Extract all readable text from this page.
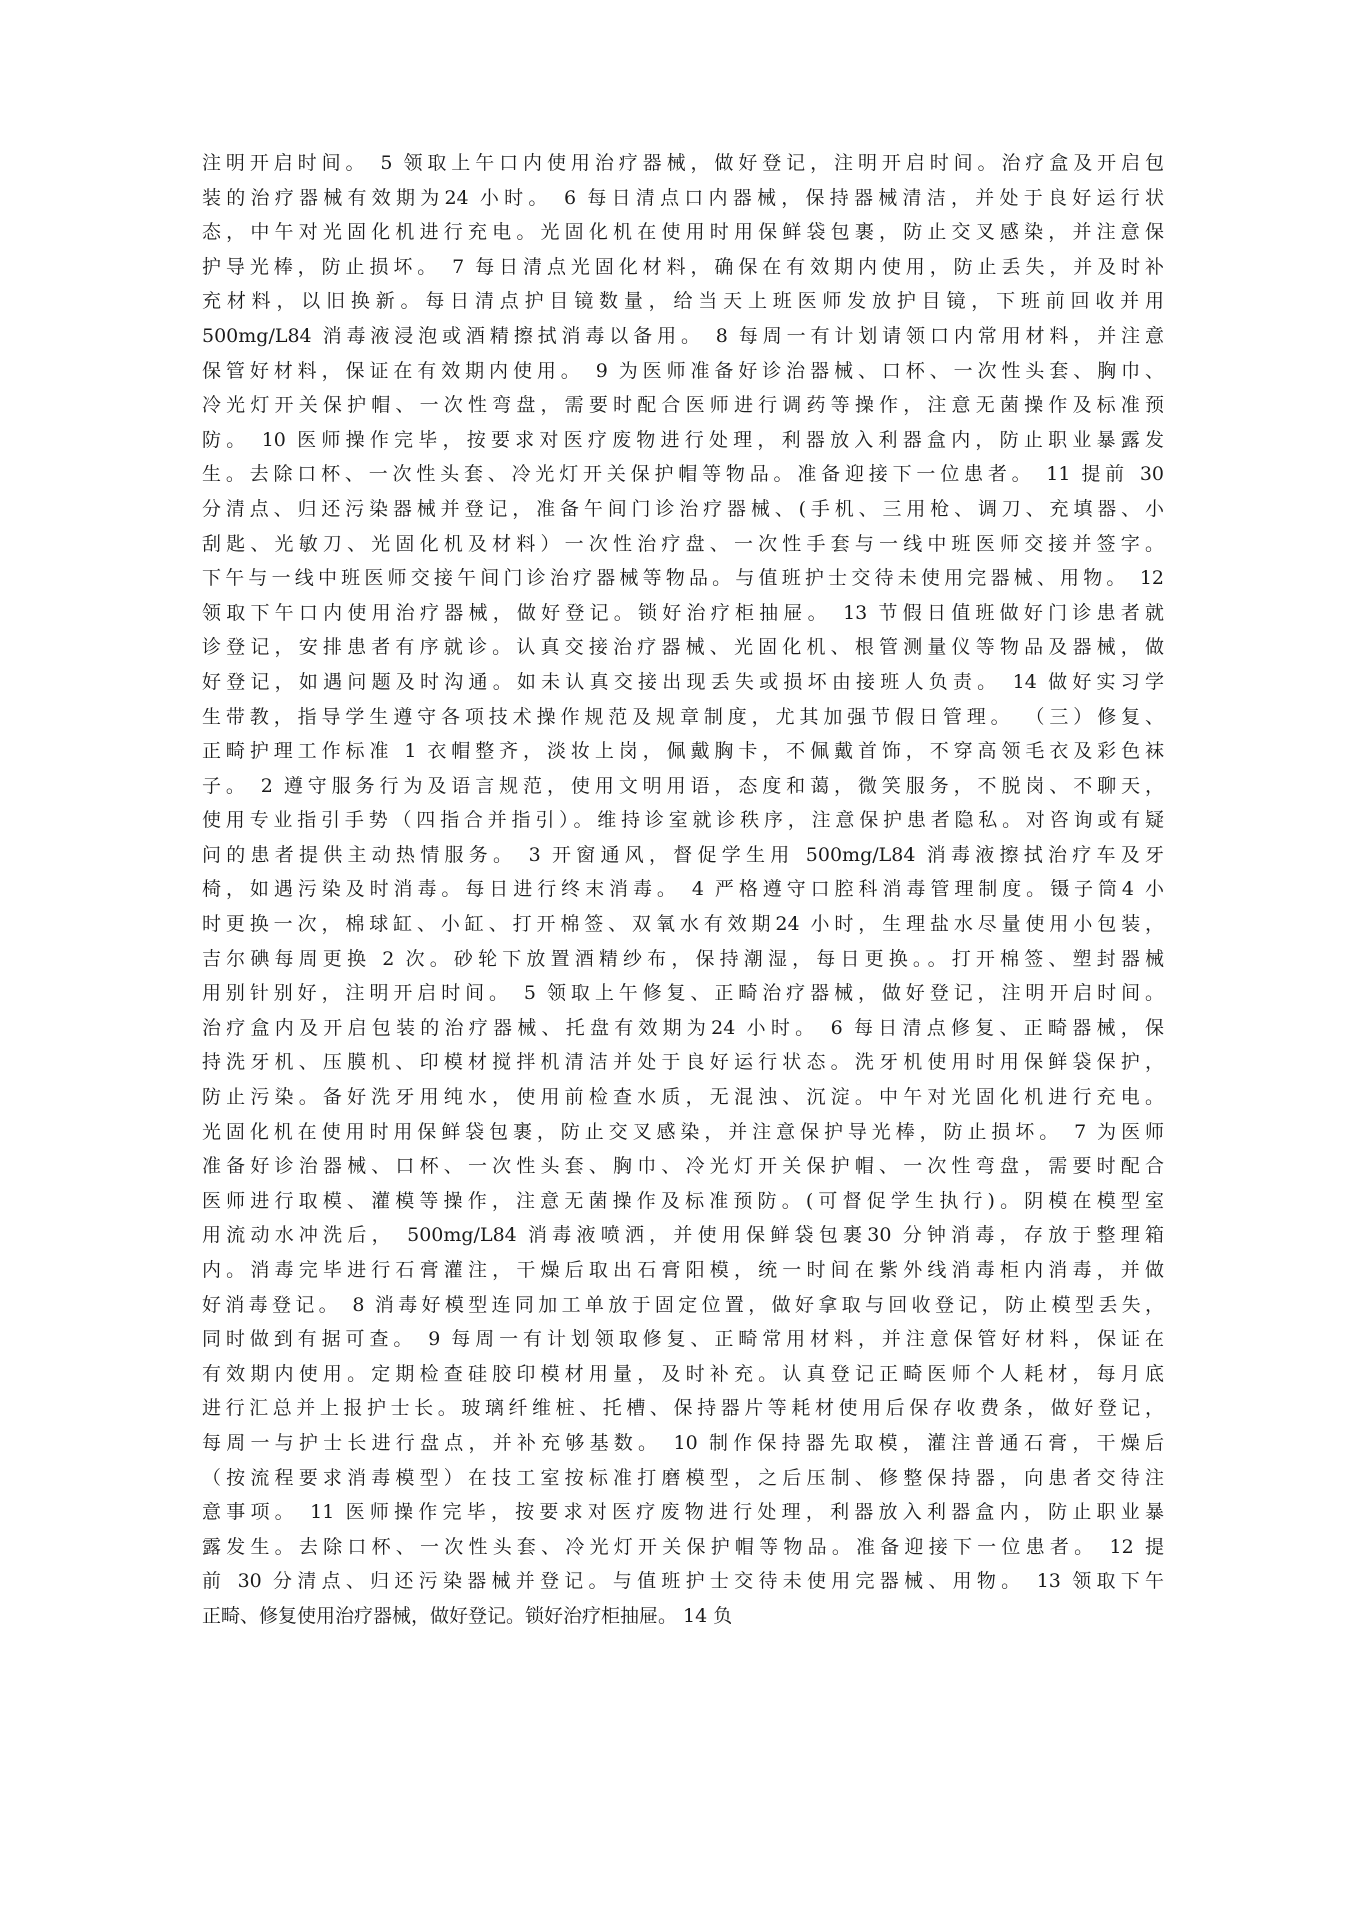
注明开启时间。 5 领取上午口内使用治疗器械，做好登记，注明开启时间。治疗盒及开启包
装的治疗器械有效期为24 小时。 6 每日清点口内器械，保持器械清洁，并处于良好运行状
态，中午对光固化机进行充电。光固化机在使用时用保鲜袋包裹，防止交叉感染，并注意保
护导光棒，防止损坏。 7 每日清点光固化材料，确保在有效期内使用，防止丢失，并及时补
充材料，以旧换新。每日清点护目镜数量，给当天上班医师发放护目镜，下班前回收并用
500mg/L84 消毒液浸泡或酒精擦拭消毒以备用。 8 每周一有计划请领口内常用材料，并注意
保管好材料，保证在有效期内使用。 9 为医师准备好诊治器械、口杯、一次性头套、胸巾、
冷光灯开关保护帽、一次性弯盘，需要时配合医师进行调药等操作，注意无菌操作及标准预
防。 10 医师操作完毕，按要求对医疗废物进行处理，利器放入利器盒内，防止职业暴露发
生。去除口杯、一次性头套、冷光灯开关保护帽等物品。准备迎接下一位患者。 11 提前 30
分清点、归还污染器械并登记，准备午间门诊治疗器械、(手机、三用枪、调刀、充填器、小
刮匙、光敏刀、光固化机及材料）一次性治疗盘、一次性手套与一线中班医师交接并签字。
下午与一线中班医师交接午间门诊治疗器械等物品。与值班护士交待未使用完器械、用物。 12
领取下午口内使用治疗器械，做好登记。锁好治疗柜抽屉。 13 节假日值班做好门诊患者就
诊登记，安排患者有序就诊。认真交接治疗器械、光固化机、根管测量仪等物品及器械，做
好登记，如遇问题及时沟通。如未认真交接出现丢失或损坏由接班人负责。 14 做好实习学
生带教，指导学生遵守各项技术操作规范及规章制度，尤其加强节假日管理。 （三）修复、
正畸护理工作标准 1 衣帽整齐，淡妆上岗，佩戴胸卡，不佩戴首饰，不穿高领毛衣及彩色袜
子。 2 遵守服务行为及语言规范，使用文明用语，态度和蔼，微笑服务，不脱岗、不聊天，
使用专业指引手势（四指合并指引）。维持诊室就诊秩序，注意保护患者隐私。对咨询或有疑
问的患者提供主动热情服务。 3 开窗通风，督促学生用 500mg/L84 消毒液擦拭治疗车及牙
椅，如遇污染及时消毒。每日进行终末消毒。 4 严格遵守口腔科消毒管理制度。镊子筒4 小
时更换一次，棉球缸、小缸、打开棉签、双氧水有效期24 小时，生理盐水尽量使用小包装，
吉尔碘每周更换 2 次。砂轮下放置酒精纱布，保持潮湿，每日更换。。打开棉签、塑封器械
用别针别好，注明开启时间。 5 领取上午修复、正畸治疗器械，做好登记，注明开启时间。
治疗盒内及开启包装的治疗器械、托盘有效期为24 小时。 6 每日清点修复、正畸器械，保
持洗牙机、压膜机、印模材搅拌机清洁并处于良好运行状态。洗牙机使用时用保鲜袋保护，
防止污染。备好洗牙用纯水，使用前检查水质，无混浊、沉淀。中午对光固化机进行充电。
光固化机在使用时用保鲜袋包裹，防止交叉感染，并注意保护导光棒，防止损坏。 7 为医师
准备好诊治器械、口杯、一次性头套、胸巾、冷光灯开关保护帽、一次性弯盘，需要时配合
医师进行取模、灌模等操作，注意无菌操作及标准预防。(可督促学生执行)。阴模在模型室
用流动水冲洗后， 500mg/L84 消毒液喷洒，并使用保鲜袋包裹30 分钟消毒，存放于整理箱
内。消毒完毕进行石膏灌注，干燥后取出石膏阳模，统一时间在紫外线消毒柜内消毒，并做
好消毒登记。 8 消毒好模型连同加工单放于固定位置，做好拿取与回收登记，防止模型丢失，
同时做到有据可查。 9 每周一有计划领取修复、正畸常用材料，并注意保管好材料，保证在
有效期内使用。定期检查硅胶印模材用量，及时补充。认真登记正畸医师个人耗材，每月底
进行汇总并上报护士长。玻璃纤维桩、托槽、保持器片等耗材使用后保存收费条，做好登记，
每周一与护士长进行盘点，并补充够基数。 10 制作保持器先取模，灌注普通石膏，干燥后
（按流程要求消毒模型）在技工室按标准打磨模型，之后压制、修整保持器，向患者交待注
意事项。 11 医师操作完毕，按要求对医疗废物进行处理，利器放入利器盒内，防止职业暴
露发生。去除口杯、一次性头套、冷光灯开关保护帽等物品。准备迎接下一位患者。 12 提
前 30 分清点、归还污染器械并登记。与值班护士交待未使用完器械、用物。 13 领取下午
正畸、修复使用治疗器械，做好登记。锁好治疗柜抽屉。 14 负
